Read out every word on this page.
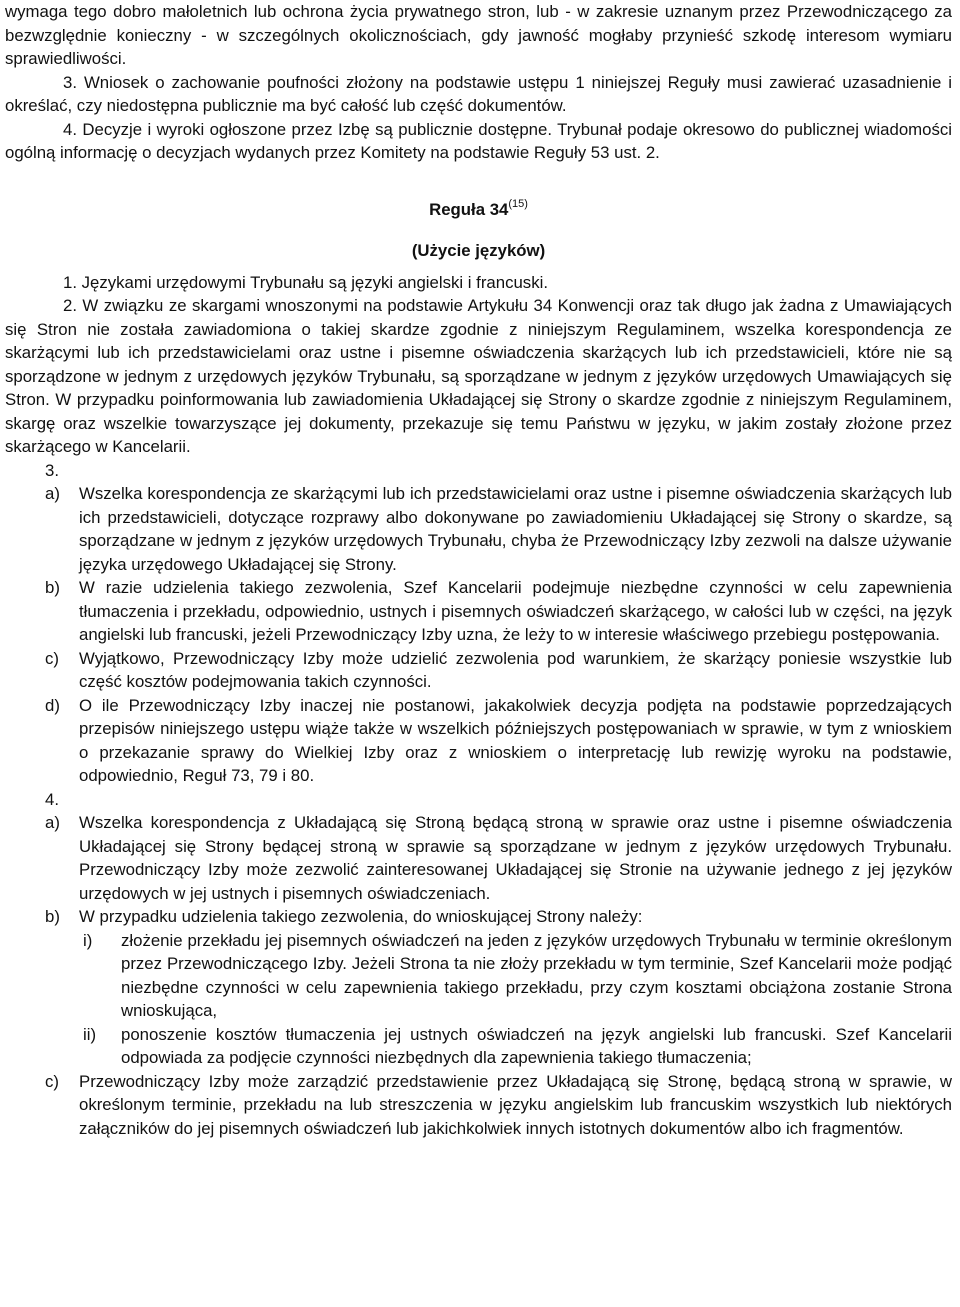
wymaga tego dobro małoletnich lub ochrona życia prywatnego stron, lub - w zakresie uznanym przez Przewodniczącego za bezwzględnie konieczny - w szczególnych okolicznościach, gdy jawność mogłaby przynieść szkodę interesom wymiaru sprawiedliwości.

3. Wniosek o zachowanie poufności złożony na podstawie ustępu 1 niniejszej Reguły musi zawierać uzasadnienie i określać, czy niedostępna publicznie ma być całość lub część dokumentów.

4. Decyzje i wyroki ogłoszone przez Izbę są publicznie dostępne. Trybunał podaje okresowo do publicznej wiadomości ogólną informację o decyzjach wydanych przez Komitety na podstawie Reguły 53 ust. 2.

Reguła 34$^{(15)}$

(Użycie języków)

1. Językami urzędowymi Trybunału są języki angielski i francuski.

2. W związku ze skargami wnoszonymi na podstawie Artykułu 34 Konwencji oraz tak długo jak żadna z Umawiających się Stron nie została zawiadomiona o takiej skardze zgodnie z niniejszym Regulaminem, wszelka korespondencja ze skarżącymi lub ich przedstawicielami oraz ustne i pisemne oświadczenia skarżących lub ich przedstawicieli, które nie są sporządzone w jednym z urzędowych języków Trybunału, są sporządzane w jednym z języków urzędowych Umawiających się Stron. W przypadku poinformowania lub zawiadomienia Układającej się Strony o skardze zgodnie z niniejszym Regulaminem, skargę oraz wszelkie towarzyszące jej dokumenty, przekazuje się temu Państwu w języku, w jakim zostały złożone przez skarżącego w Kancelarii.

3.
a)	Wszelka korespondencja ze skarżącymi lub ich przedstawicielami oraz ustne i pisemne oświadczenia skarżących lub ich przedstawicieli, dotyczące rozprawy albo dokonywane po zawiadomieniu Układającej się Strony o skardze, są sporządzane w jednym z języków urzędowych Trybunału, chyba że Przewodniczący Izby zezwoli na dalsze używanie języka urzędowego Układającej się Strony.
b)	W razie udzielenia takiego zezwolenia, Szef Kancelarii podejmuje niezbędne czynności w celu zapewnienia tłumaczenia i przekładu, odpowiednio, ustnych i pisemnych oświadczeń skarżącego, w całości lub w części, na język angielski lub francuski, jeżeli Przewodniczący Izby uzna, że leży to w interesie właściwego przebiegu postępowania.
c)	Wyjątkowo, Przewodniczący Izby może udzielić zezwolenia pod warunkiem, że skarżący poniesie wszystkie lub część kosztów podejmowania takich czynności.
d)	O ile Przewodniczący Izby inaczej nie postanowi, jakakolwiek decyzja podjęta na podstawie poprzedzających przepisów niniejszego ustępu wiąże także w wszelkich późniejszych postępowaniach w sprawie, w tym z wnioskiem o przekazanie sprawy do Wielkiej Izby oraz z wnioskiem o interpretację lub rewizję wyroku na podstawie, odpowiednio, Reguł 73, 79 i 80.
4.
a)	Wszelka korespondencja z Układającą się Stroną będącą stroną w sprawie oraz ustne i pisemne oświadczenia Układającej się Strony będącej stroną w sprawie są sporządzane w jednym z języków urzędowych Trybunału. Przewodniczący Izby może zezwolić zainteresowanej Układającej się Stronie na używanie jednego z jej języków urzędowych w jej ustnych i pisemnych oświadczeniach.
b)	W przypadku udzielenia takiego zezwolenia, do wnioskującej Strony należy:
i)	złożenie przekładu jej pisemnych oświadczeń na jeden z języków urzędowych Trybunału w terminie określonym przez Przewodniczącego Izby. Jeżeli Strona ta nie złoży przekładu w tym terminie, Szef Kancelarii może podjąć niezbędne czynności w celu zapewnienia takiego przekładu, przy czym kosztami obciążona zostanie Strona wnioskująca,
ii)	ponoszenie kosztów tłumaczenia jej ustnych oświadczeń na język angielski lub francuski. Szef Kancelarii odpowiada za podjęcie czynności niezbędnych dla zapewnienia takiego tłumaczenia;
c)	Przewodniczący Izby może zarządzić przedstawienie przez Układającą się Stronę, będącą stroną w sprawie, w określonym terminie, przekładu na lub streszczenia w języku angielskim lub francuskim wszystkich lub niektórych załączników do jej pisemnych oświadczeń lub jakichkolwiek innych istotnych dokumentów albo ich fragmentów.
